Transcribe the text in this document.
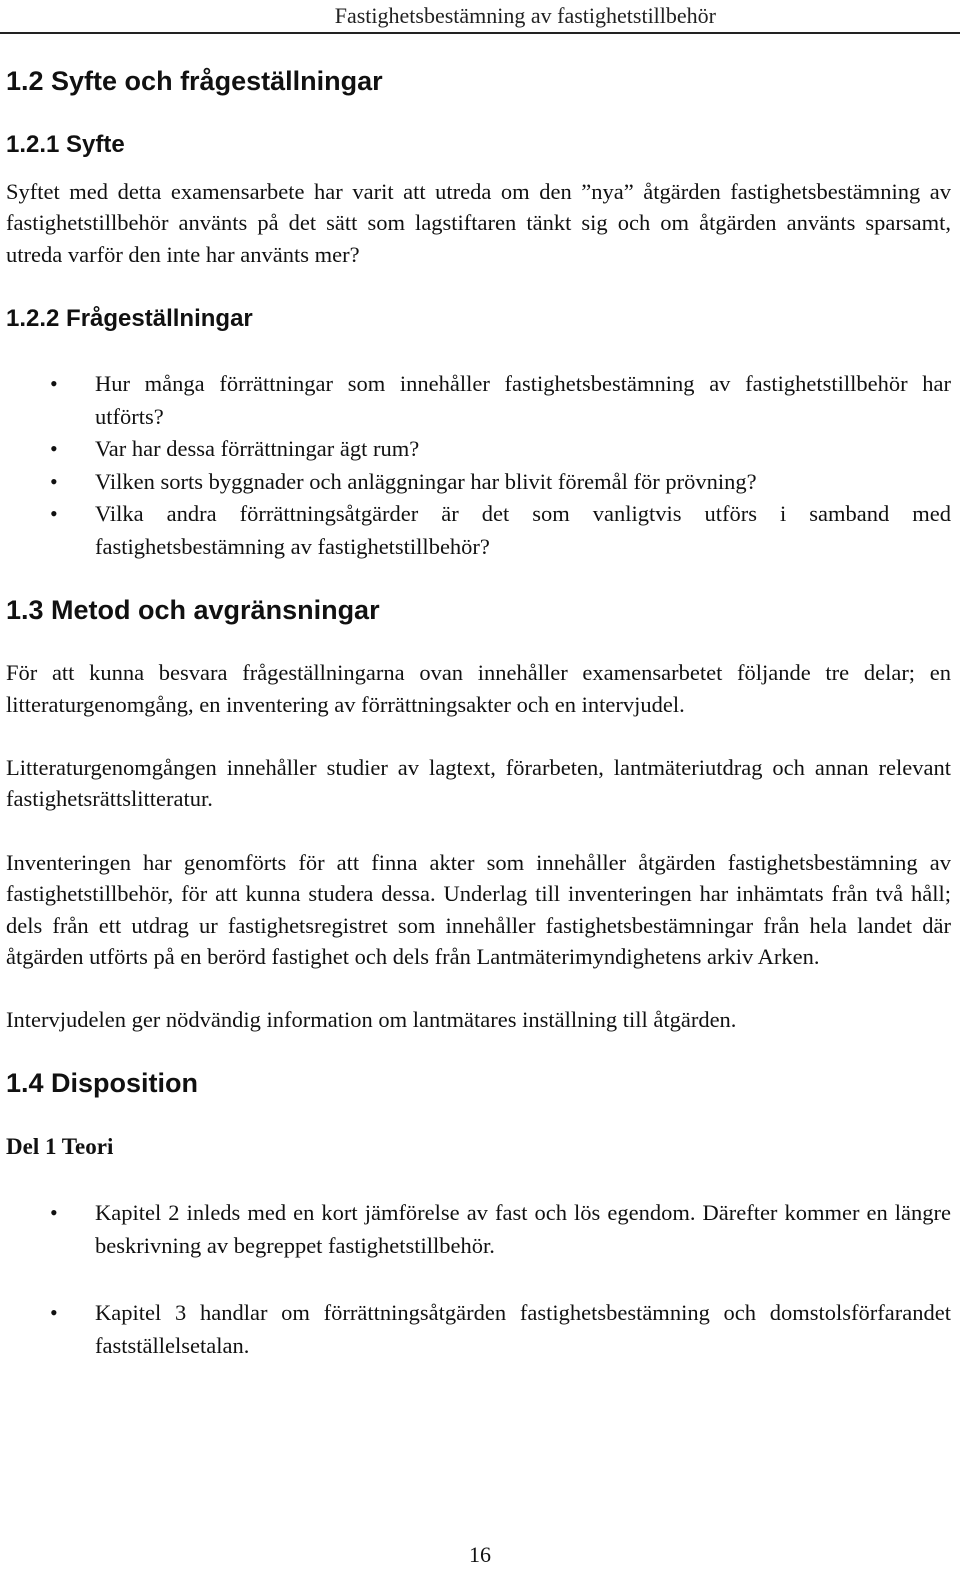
Fastighetsbestämning av fastighetstillbehör
1.2 Syfte och frågeställningar
1.2.1 Syfte

Syftet med detta examensarbete har varit att utreda om den ”nya” åtgärden fastighetsbestämning av fastighetstillbehör använts på det sätt som lagstiftaren tänkt sig och om åtgärden använts sparsamt, utreda varför den inte har använts mer?

1.2.2 Frågeställningar
• Hur många förrättningar som innehåller fastighetsbestämning av fastighetstillbehör har utförts?
• Var har dessa förrättningar ägt rum?
• Vilken sorts byggnader och anläggningar har blivit föremål för prövning?
• Vilka andra förrättningsåtgärder är det som vanligtvis utförs i samband med fastighetsbestämning av fastighetstillbehör?
1.3 Metod och avgränsningar

För att kunna besvara frågeställningarna ovan innehåller examensarbetet följande tre delar; en litteraturgenomgång, en inventering av förrättningsakter och en intervjudel.

Litteraturgenomgången innehåller studier av lagtext, förarbeten, lantmäteriutdrag och annan relevant fastighetsrättslitteratur.

Inventeringen har genomförts för att finna akter som innehåller åtgärden fastighetsbestämning av fastighetstillbehör, för att kunna studera dessa. Underlag till inventeringen har inhämtats från två håll; dels från ett utdrag ur fastighetsregistret som innehåller fastighetsbestämningar från hela landet där åtgärden utförts på en berörd fastighet och dels från Lantmäterimyndighetens arkiv Arken.

Intervjudelen ger nödvändig information om lantmätares inställning till åtgärden.

1.4 Disposition

Del 1 Teori

• Kapitel 2 inleds med en kort jämförelse av fast och lös egendom. Därefter kommer en längre beskrivning av begreppet fastighetstillbehör.
• Kapitel 3 handlar om förrättningsåtgärden fastighetsbestämning och domstolsförfarandet fastställelsetalan.
16
